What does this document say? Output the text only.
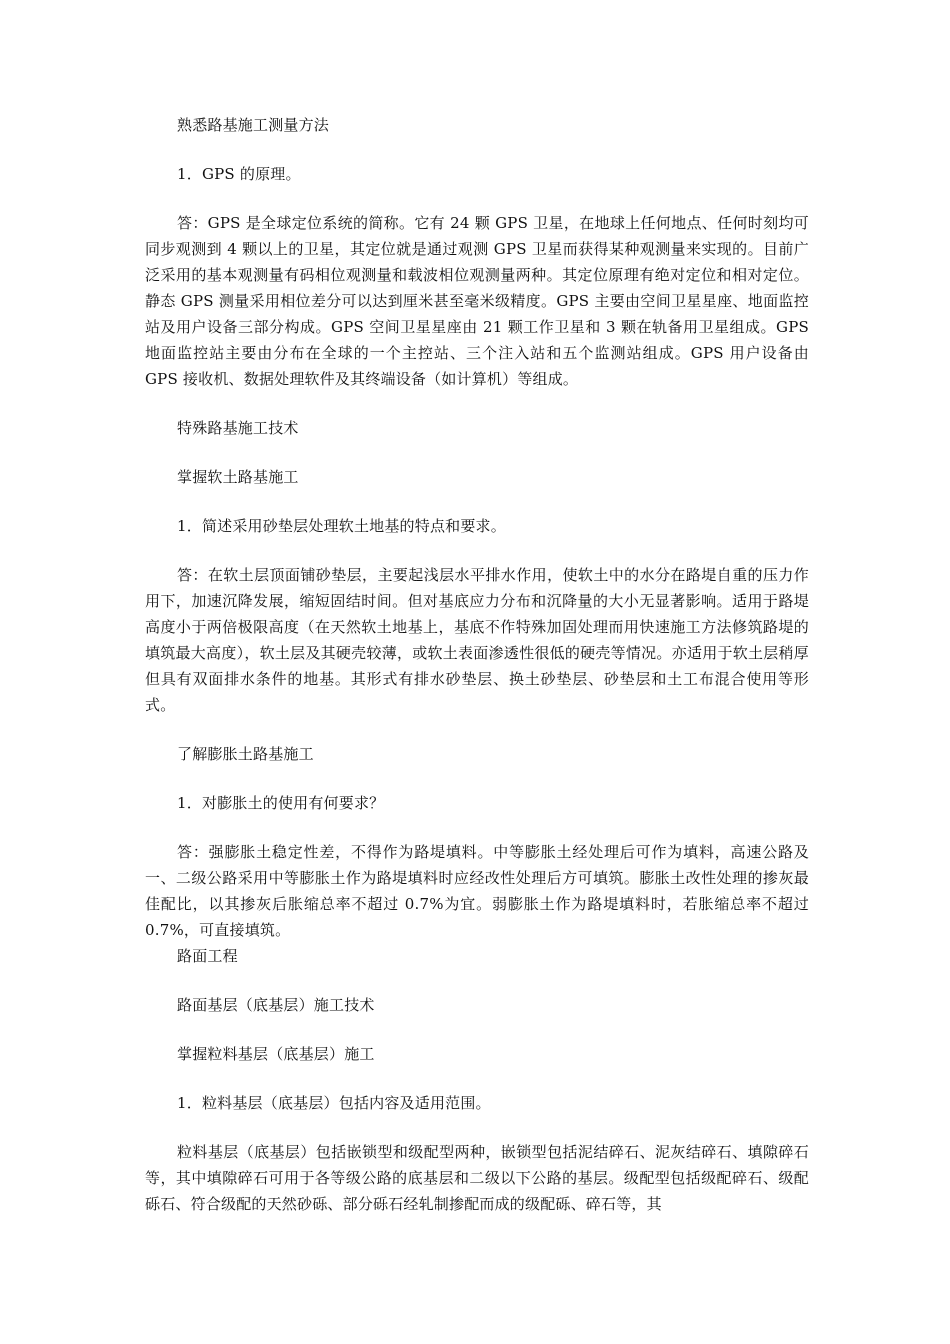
熟悉路基施工测量方法

1．GPS 的原理。

答：GPS 是全球定位系统的简称。它有 24 颗 GPS 卫星，在地球上任何地点、任何时刻均可同步观测到 4 颗以上的卫星，其定位就是通过观测 GPS 卫星而获得某种观测量来实现的。目前广泛采用的基本观测量有码相位观测量和载波相位观测量两种。其定位原理有绝对定位和相对定位。静态 GPS 测量采用相位差分可以达到厘米甚至毫米级精度。GPS 主要由空间卫星星座、地面监控站及用户设备三部分构成。GPS 空间卫星星座由 21 颗工作卫星和 3 颗在轨备用卫星组成。GPS 地面监控站主要由分布在全球的一个主控站、三个注入站和五个监测站组成。GPS 用户设备由 GPS 接收机、数据处理软件及其终端设备（如计算机）等组成。

特殊路基施工技术

掌握软土路基施工

1．简述采用砂垫层处理软土地基的特点和要求。

答：在软土层顶面铺砂垫层，主要起浅层水平排水作用，使软土中的水分在路堤自重的压力作用下，加速沉降发展，缩短固结时间。但对基底应力分布和沉降量的大小无显著影响。适用于路堤高度小于两倍极限高度（在天然软土地基上，基底不作特殊加固处理而用快速施工方法修筑路堤的填筑最大高度），软土层及其硬壳较薄，或软土表面渗透性很低的硬壳等情况。亦适用于软土层稍厚但具有双面排水条件的地基。其形式有排水砂垫层、换土砂垫层、砂垫层和土工布混合使用等形式。

了解膨胀土路基施工

1．对膨胀土的使用有何要求？

答：强膨胀土稳定性差，不得作为路堤填料。中等膨胀土经处理后可作为填料，高速公路及一、二级公路采用中等膨胀土作为路堤填料时应经改性处理后方可填筑。膨胀土改性处理的掺灰最佳配比，以其掺灰后胀缩总率不超过 0.7%为宜。弱膨胀土作为路堤填料时，若胀缩总率不超过 0.7%，可直接填筑。

路面工程

路面基层（底基层）施工技术

掌握粒料基层（底基层）施工

1．粒料基层（底基层）包括内容及适用范围。

粒料基层（底基层）包括嵌锁型和级配型两种，嵌锁型包括泥结碎石、泥灰结碎石、填隙碎石等，其中填隙碎石可用于各等级公路的底基层和二级以下公路的基层。级配型包括级配碎石、级配砾石、符合级配的天然砂砾、部分砾石经轧制掺配而成的级配砾、碎石等，其
